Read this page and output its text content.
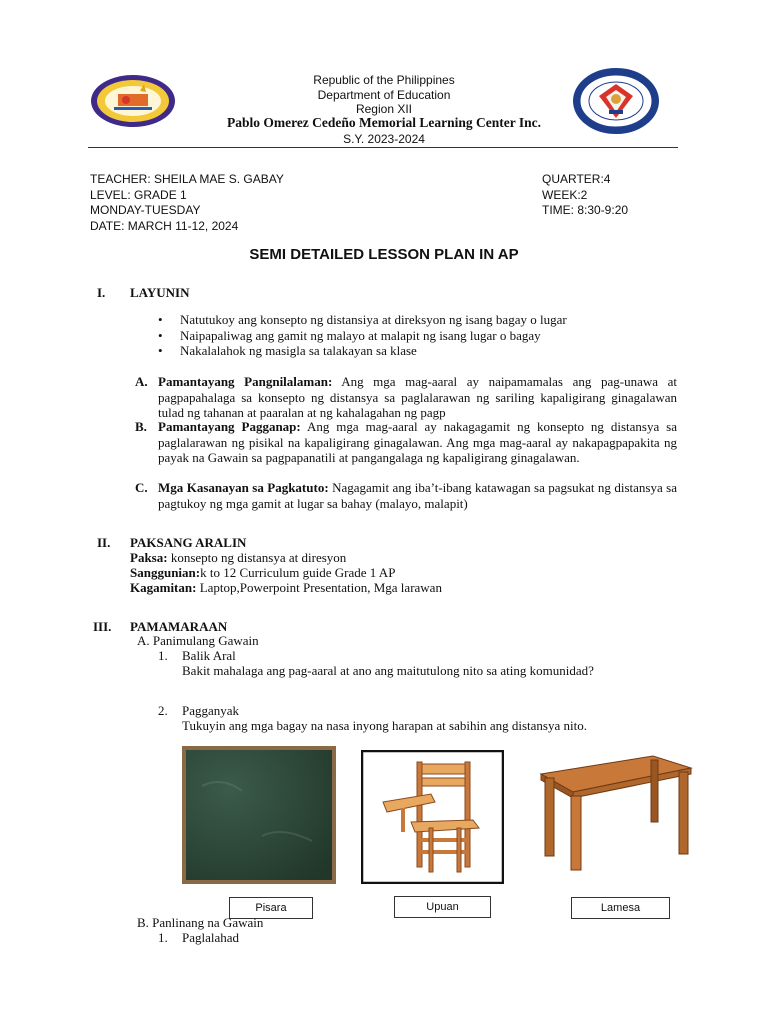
Republic of the Philippines
Department of Education
Region XII
Pablo Omerez Cedeño Memorial Learning Center Inc.
S.Y. 2023-2024
TEACHER: SHEILA MAE S. GABAY
LEVEL: GRADE 1
MONDAY-TUESDAY
DATE: MARCH 11-12, 2024
QUARTER:4
WEEK:2
TIME: 8:30-9:20
SEMI DETAILED LESSON PLAN IN AP
I. LAYUNIN
• Natutukoy ang konsepto ng distansiya at direksyon ng isang bagay o lugar
• Naipapaliwag ang gamit ng malayo at malapit ng isang lugar o bagay
• Nakalalahok ng masigla sa talakayan sa klase
A. Pamantayang Pangnilalaman: Ang mga mag-aaral ay naipamamalas ang pag-unawa at pagpapahalaga sa konsepto ng distansya sa paglalarawan ng sariling kapaligirang ginagalawan tulad ng tahanan at paaralan at ng kahalagahan ng pagp
B. Pamantayang Pagganap: Ang mga mag-aaral ay nakagagamit ng konsepto ng distansya sa paglalarawan ng pisikal na kapaligirang ginagalawan. Ang mga mag-aaral ay nakapagpapakita ng payak na Gawain sa pagpapanatili at pangangalaga ng kapaligirang ginagalawan.
C. Mga Kasanayan sa Pagkatuto: Nagagamit ang iba’t-ibang katawagan sa pagsukat ng distansya sa pagtukoy ng mga gamit at lugar sa bahay (malayo, malapit)
II. PAKSANG ARALIN
Paksa: konsepto ng distansya at diresyon
Sanggunian:k to 12 Curriculum guide Grade 1 AP
Kagamitan: Laptop,Powerpoint Presentation, Mga larawan
III. PAMAMARAAN
A. Panimulang Gawain
1. Balik Aral
Bakit mahalaga ang pag-aaral at ano ang maitutulong nito sa ating komunidad?
2. Pagganyak
Tukuyin ang mga bagay na nasa inyong harapan at sabihin ang distansya nito.
Pisara	Upuan	Lamesa
B. Panlinang na Gawain
1. Paglalahad
